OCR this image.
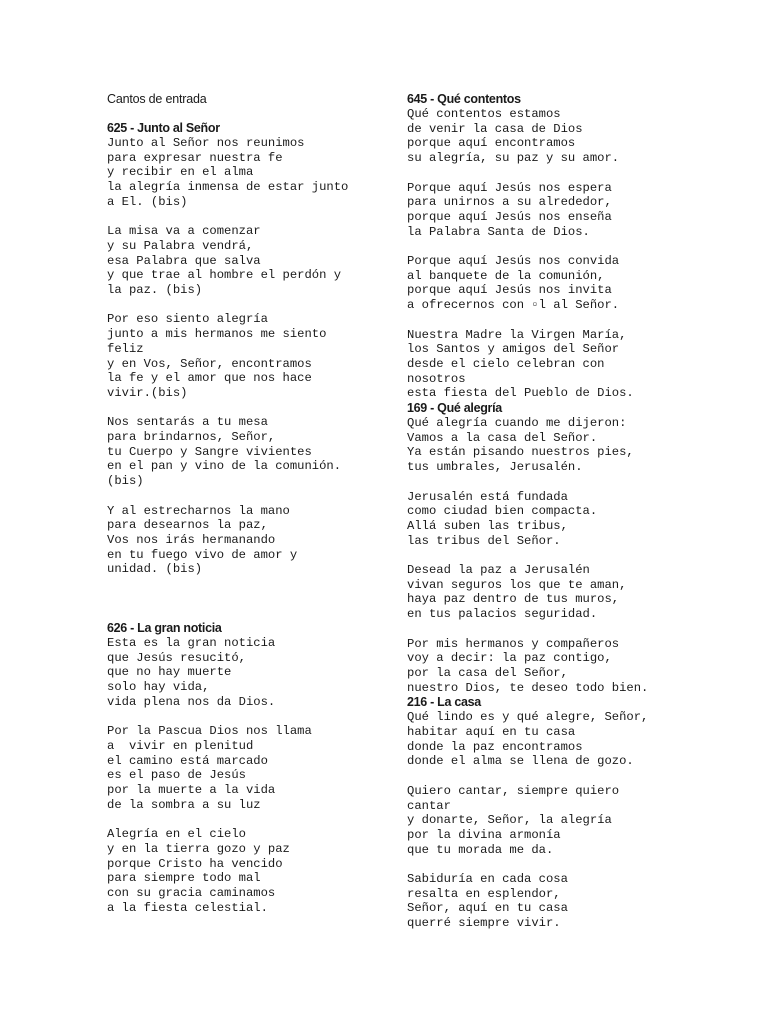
Cantos de entrada

625 - Junto al Señor

Junto al Señor nos reunimos
para expresar nuestra fe
y recibir en el alma
la alegría inmensa de estar junto
a El. (bis)

La misa va a comenzar
y su Palabra vendrá,
esa Palabra que salva
y que trae al hombre el perdón y
la paz. (bis)

Por eso siento alegría
junto a mis hermanos me siento
feliz
y en Vos, Señor, encontramos
la fe y el amor que nos hace
vivir.(bis)

Nos sentarás a tu mesa
para brindarnos, Señor,
tu Cuerpo y Sangre vivientes
en el pan y vino de la comunión.
(bis)

Y al estrecharnos la mano
para desearnos la paz,
Vos nos irás hermanando
en tu fuego vivo de amor y
unidad. (bis)

626 - La gran noticia

Esta es la gran noticia
que Jesús resucitó,
que no hay muerte
solo hay vida,
vida plena nos da Dios.

Por la Pascua Dios nos llama
a  vivir en plenitud
el camino está marcado
es el paso de Jesús
por la muerte a la vida
de la sombra a su luz

Alegría en el cielo
y en la tierra gozo y paz
porque Cristo ha vencido
para siempre todo mal
con su gracia caminamos
a la fiesta celestial.

645 - Qué contentos

Qué contentos estamos
de venir la casa de Dios
porque aquí encontramos
su alegría, su paz y su amor.

Porque aquí Jesús nos espera
para unirnos a su alrededor,
porque aquí Jesús nos enseña
la Palabra Santa de Dios.

Porque aquí Jesús nos convida
al banquete de la comunión,
porque aquí Jesús nos invita
a ofrecernos con ▫l al Señor.

Nuestra Madre la Virgen María,
los Santos y amigos del Señor
desde el cielo celebran con
nosotros
esta fiesta del Pueblo de Dios.

169 - Qué alegría

Qué alegría cuando me dijeron:
Vamos a la casa del Señor.
Ya están pisando nuestros pies,
tus umbrales, Jerusalén.

Jerusalén está fundada
como ciudad bien compacta.
Allá suben las tribus,
las tribus del Señor.

Desead la paz a Jerusalén
vivan seguros los que te aman,
haya paz dentro de tus muros,
en tus palacios seguridad.

Por mis hermanos y compañeros
voy a decir: la paz contigo,
por la casa del Señor,
nuestro Dios, te deseo todo bien.

216 - La casa

Qué lindo es y qué alegre, Señor,
habitar aquí en tu casa
donde la paz encontramos
donde el alma se llena de gozo.

Quiero cantar, siempre quiero
cantar
y donarte, Señor, la alegría
por la divina armonía
que tu morada me da.

Sabiduría en cada cosa
resalta en esplendor,
Señor, aquí en tu casa
querré siempre vivir.
